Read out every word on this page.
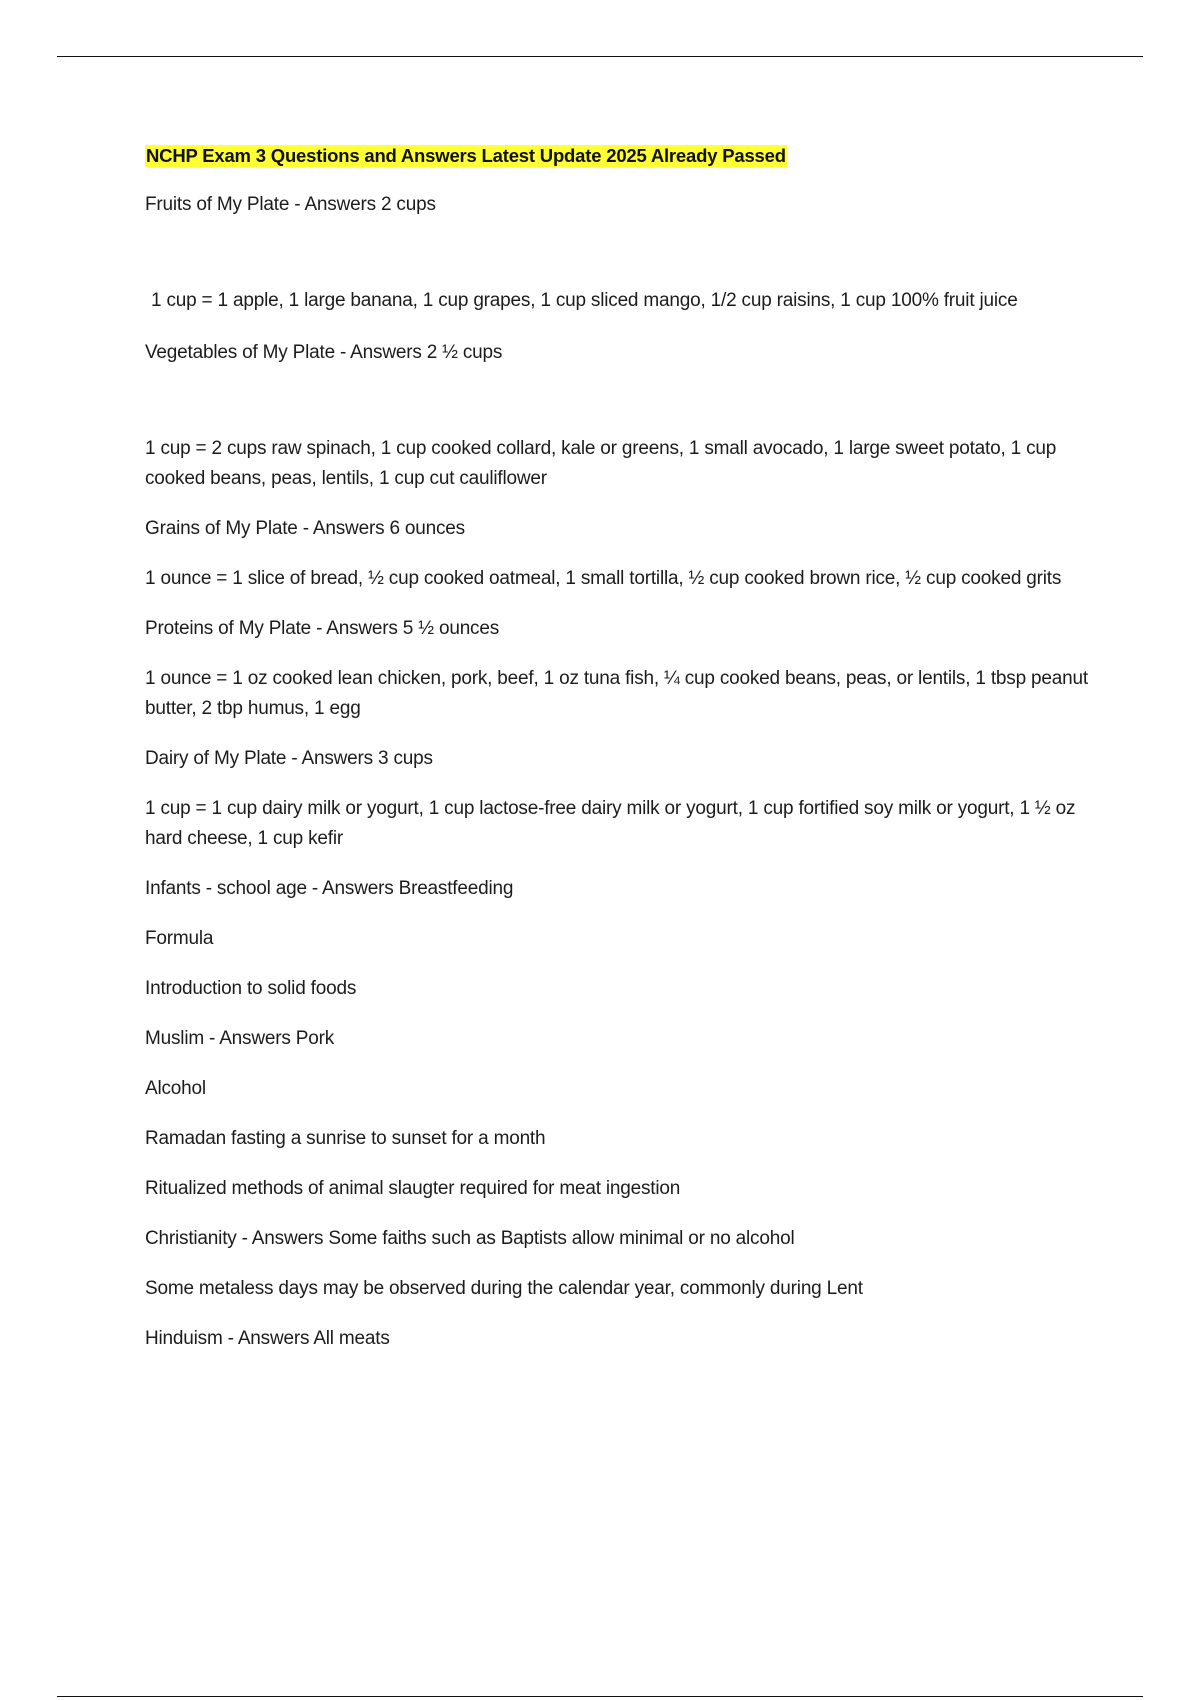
NCHP Exam 3 Questions and Answers Latest Update 2025 Already Passed

Fruits of My Plate - Answers 2 cups

1 cup = 1 apple, 1 large banana, 1 cup grapes, 1 cup sliced mango, 1/2 cup raisins, 1 cup 100% fruit juice

Vegetables of My Plate - Answers 2 ½ cups

1 cup = 2 cups raw spinach, 1 cup cooked collard, kale or greens, 1 small avocado, 1 large sweet potato, 1 cup cooked beans, peas, lentils, 1 cup cut cauliflower

Grains of My Plate - Answers 6 ounces

1 ounce = 1 slice of bread, ½ cup cooked oatmeal, 1 small tortilla, ½ cup cooked brown rice, ½ cup cooked grits

Proteins of My Plate - Answers 5 ½ ounces

1 ounce = 1 oz cooked lean chicken, pork, beef, 1 oz tuna fish, ¼ cup cooked beans, peas, or lentils, 1 tbsp peanut butter, 2 tbp humus, 1 egg

Dairy of My Plate - Answers 3 cups

1 cup = 1 cup dairy milk or yogurt, 1 cup lactose-free dairy milk or yogurt, 1 cup fortified soy milk or yogurt, 1 ½ oz hard cheese, 1 cup kefir

Infants - school age - Answers Breastfeeding

Formula

Introduction to solid foods

Muslim - Answers Pork

Alcohol

Ramadan fasting a sunrise to sunset for a month

Ritualized methods of animal slaugter required for meat ingestion

Christianity - Answers Some faiths such as Baptists allow minimal or no alcohol

Some metaless days may be observed during the calendar year, commonly during Lent

Hinduism - Answers All meats
